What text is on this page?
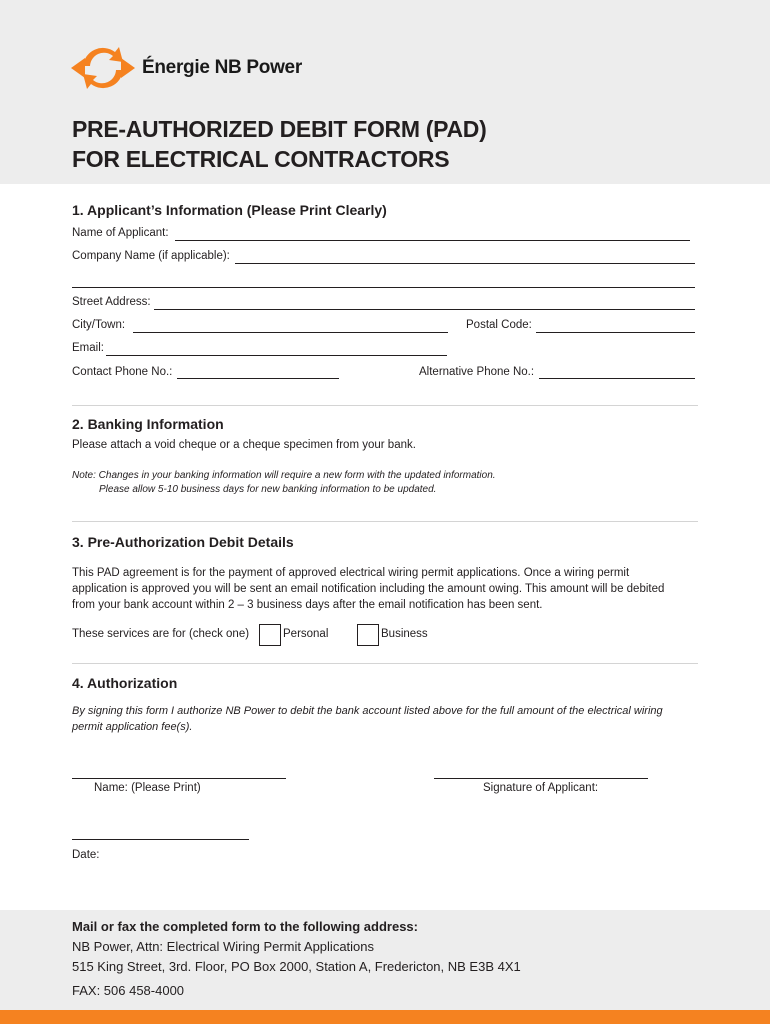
Énergie NB Power
PRE-AUTHORIZED DEBIT FORM (PAD)
FOR ELECTRICAL CONTRACTORS
1. Applicant’s Information (Please Print Clearly)
Name of Applicant:
Company Name (if applicable):
Street Address:
City/Town:	Postal Code:
Email:
Contact Phone No.:	Alternative Phone No.:
2. Banking Information
Please attach a void cheque or a cheque specimen from your bank.
Note: Changes in your banking information will require a new form with the updated information.
Please allow 5-10 business days for new banking information to be updated.
3. Pre-Authorization Debit Details
This PAD agreement is for the payment of approved electrical wiring permit applications. Once a wiring permit
application is approved you will be sent an email notification including the amount owing. This amount will be debited
from your bank account within 2 – 3 business days after the email notification has been sent.
These services are for (check one)	Personal	Business
4. Authorization
By signing this form I authorize NB Power to debit the bank account listed above for the full amount of the electrical wiring
permit application fee(s).
Name: (Please Print)	Signature of Applicant:
Date:
Mail or fax the completed form to the following address:
NB Power, Attn: Electrical Wiring Permit Applications
515 King Street, 3rd. Floor, PO Box 2000, Station A, Fredericton, NB E3B 4X1
FAX: 506 458-4000
